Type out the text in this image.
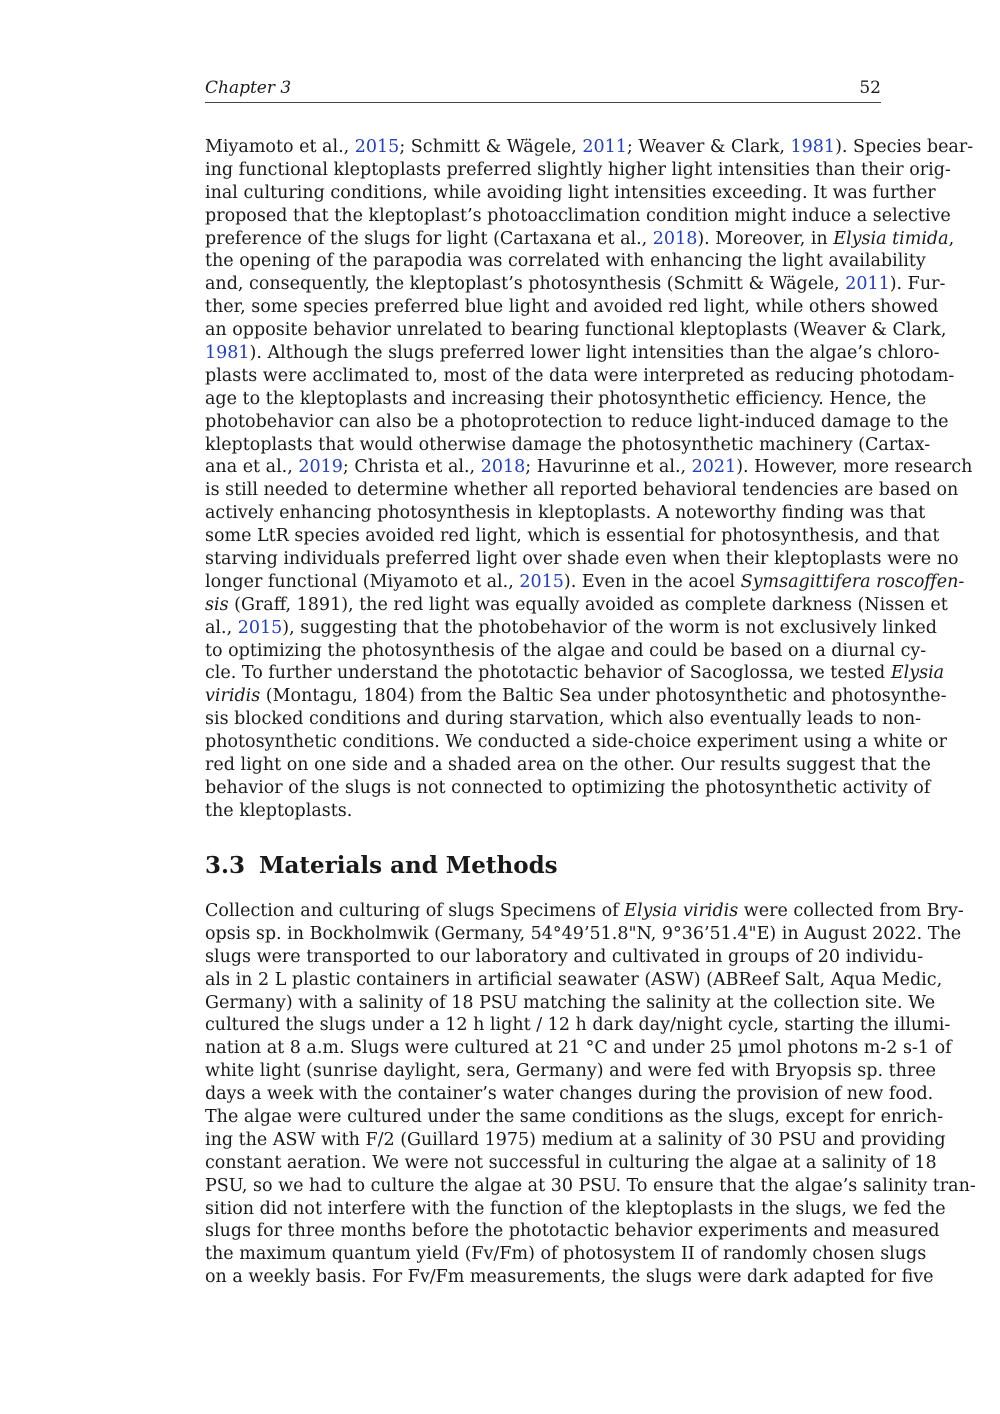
Chapter 3	52
Miyamoto et al., 2015; Schmitt & Wägele, 2011; Weaver & Clark, 1981). Species bear-
ing functional kleptoplasts preferred slightly higher light intensities than their orig-
inal culturing conditions, while avoiding light intensities exceeding. It was further
proposed that the kleptoplast’s photoacclimation condition might induce a selective
preference of the slugs for light (Cartaxana et al., 2018). Moreover, in Elysia timida,
the opening of the parapodia was correlated with enhancing the light availability
and, consequently, the kleptoplast’s photosynthesis (Schmitt & Wägele, 2011). Fur-
ther, some species preferred blue light and avoided red light, while others showed
an opposite behavior unrelated to bearing functional kleptoplasts (Weaver & Clark,
1981). Although the slugs preferred lower light intensities than the algae’s chloro-
plasts were acclimated to, most of the data were interpreted as reducing photodam-
age to the kleptoplasts and increasing their photosynthetic efficiency. Hence, the
photobehavior can also be a photoprotection to reduce light-induced damage to the
kleptoplasts that would otherwise damage the photosynthetic machinery (Cartax-
ana et al., 2019; Christa et al., 2018; Havurinne et al., 2021). However, more research
is still needed to determine whether all reported behavioral tendencies are based on
actively enhancing photosynthesis in kleptoplasts. A noteworthy finding was that
some LtR species avoided red light, which is essential for photosynthesis, and that
starving individuals preferred light over shade even when their kleptoplasts were no
longer functional (Miyamoto et al., 2015). Even in the acoel Symsagittifera roscoffen-
sis (Graff, 1891), the red light was equally avoided as complete darkness (Nissen et
al., 2015), suggesting that the photobehavior of the worm is not exclusively linked
to optimizing the photosynthesis of the algae and could be based on a diurnal cy-
cle. To further understand the phototactic behavior of Sacoglossa, we tested Elysia
viridis (Montagu, 1804) from the Baltic Sea under photosynthetic and photosynthe-
sis blocked conditions and during starvation, which also eventually leads to non-
photosynthetic conditions. We conducted a side-choice experiment using a white or
red light on one side and a shaded area on the other. Our results suggest that the
behavior of the slugs is not connected to optimizing the photosynthetic activity of
the kleptoplasts.
3.3 Materials and Methods
Collection and culturing of slugs Specimens of Elysia viridis were collected from Bry-
opsis sp. in Bockholmwik (Germany, 54°49’51.8"N, 9°36’51.4"E) in August 2022. The
slugs were transported to our laboratory and cultivated in groups of 20 individu-
als in 2 L plastic containers in artificial seawater (ASW) (ABReef Salt, Aqua Medic,
Germany) with a salinity of 18 PSU matching the salinity at the collection site. We
cultured the slugs under a 12 h light / 12 h dark day/night cycle, starting the illumi-
nation at 8 a.m. Slugs were cultured at 21 °C and under 25 µmol photons m-2 s-1 of
white light (sunrise daylight, sera, Germany) and were fed with Bryopsis sp. three
days a week with the container’s water changes during the provision of new food.
The algae were cultured under the same conditions as the slugs, except for enrich-
ing the ASW with F/2 (Guillard 1975) medium at a salinity of 30 PSU and providing
constant aeration. We were not successful in culturing the algae at a salinity of 18
PSU, so we had to culture the algae at 30 PSU. To ensure that the algae’s salinity tran-
sition did not interfere with the function of the kleptoplasts in the slugs, we fed the
slugs for three months before the phototactic behavior experiments and measured
the maximum quantum yield (Fv/Fm) of photosystem II of randomly chosen slugs
on a weekly basis. For Fv/Fm measurements, the slugs were dark adapted for five
